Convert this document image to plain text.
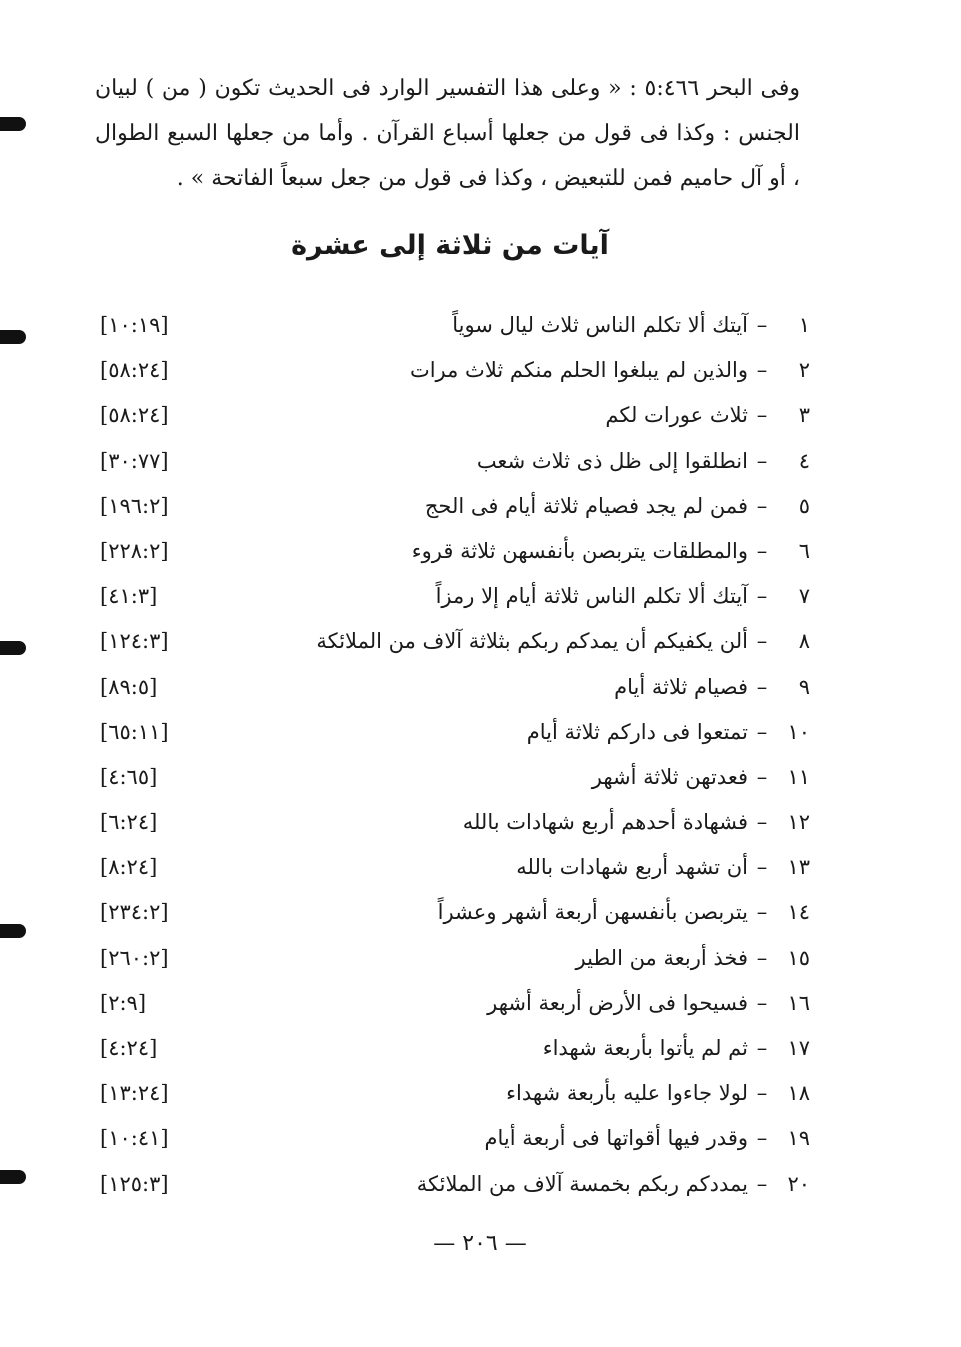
وفى البحر ٥:٤٦٦ : « وعلى هذا التفسير الوارد فى الحديث تكون ( من ) لبيان الجنس : وكذا فى قول من جعلها أسباع القرآن . وأما من جعلها السبع الطوال ، أو آل حاميم فمن للتبعيض ، وكذا فى قول من جعل سبعاً الفاتحة » .

آيات من ثلاثة إلى عشرة
١
–
آيتك ألا تكلم الناس ثلاث ليال سوياً
[١٠:١٩]
٢
–
والذين لم يبلغوا الحلم منكم ثلاث مرات
[٥٨:٢٤]
٣
–
ثلاث عورات لكم
[٥٨:٢٤]
٤
–
انطلقوا إلى ظل ذى ثلاث شعب
[٣٠:٧٧]
٥
–
فمن لم يجد فصيام ثلاثة أيام فى الحج
[١٩٦:٢]
٦
–
والمطلقات يتربصن بأنفسهن ثلاثة قروء
[٢٢٨:٢]
٧
–
آيتك ألا تكلم الناس ثلاثة أيام إلا رمزاً
[٤١:٣]
٨
–
ألن يكفيكم أن يمدكم ربكم بثلاثة آلاف من الملائكة
[١٢٤:٣]
٩
–
فصيام ثلاثة أيام
[٨٩:٥]
١٠
–
تمتعوا فى داركم ثلاثة أيام
[٦٥:١١]
١١
–
فعدتهن ثلاثة أشهر
[٤:٦٥]
١٢
–
فشهادة أحدهم أربع شهادات بالله
[٦:٢٤]
١٣
–
أن تشهد أربع شهادات بالله
[٨:٢٤]
١٤
–
يتربصن بأنفسهن أربعة أشهر وعشراً
[٢٣٤:٢]
١٥
–
فخذ أربعة من الطير
[٢٦٠:٢]
١٦
–
فسيحوا فى الأرض أربعة أشهر
[٢:٩]
١٧
–
ثم لم يأتوا بأربعة شهداء
[٤:٢٤]
١٨
–
لولا جاءوا عليه بأربعة شهداء
[١٣:٢٤]
١٩
–
وقدر فيها أقواتها فى أربعة أيام
[١٠:٤١]
٢٠
–
يمددكم ربكم بخمسة آلاف من الملائكة
[١٢٥:٣]

— ٢٠٦ —
